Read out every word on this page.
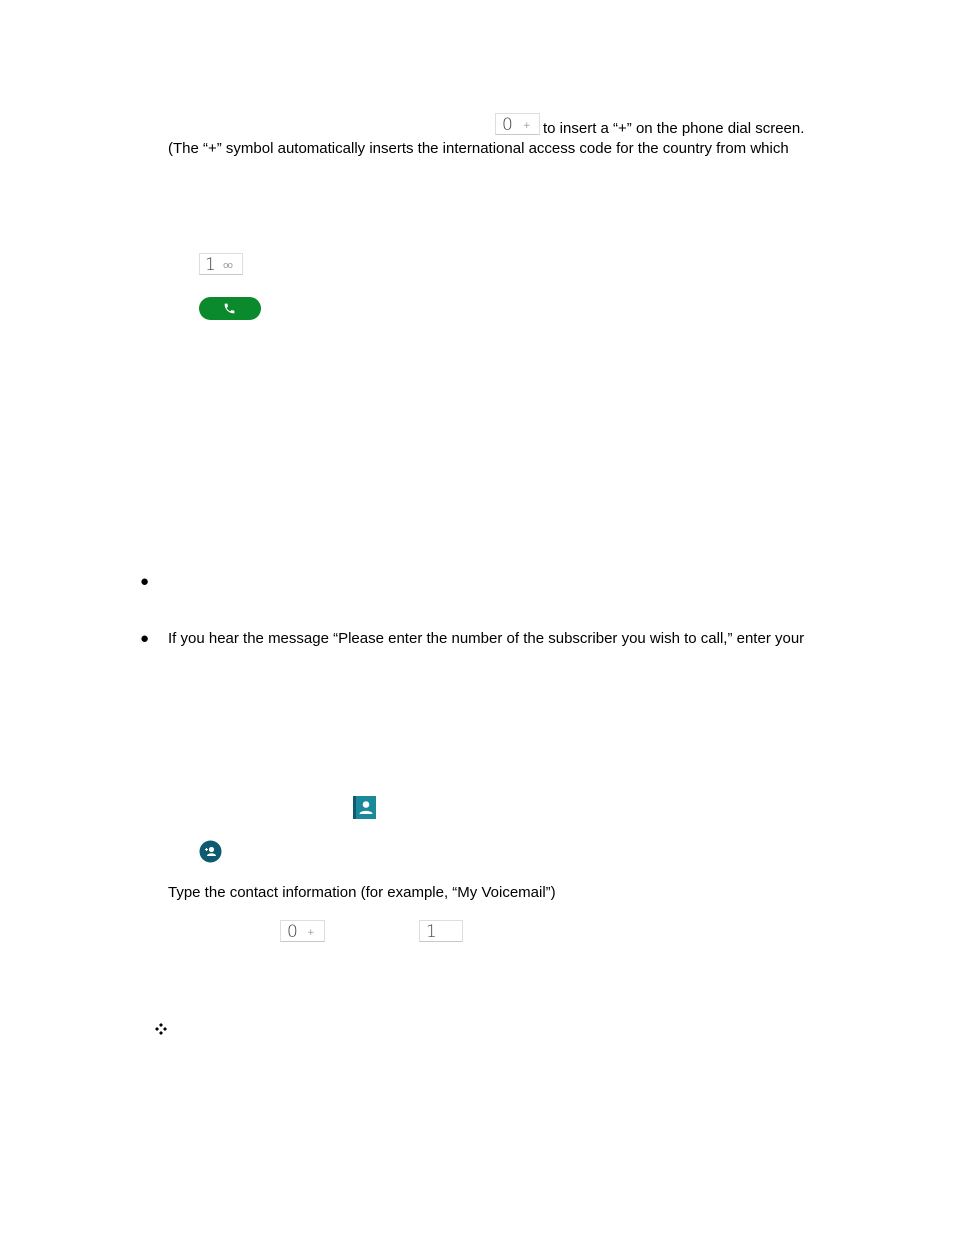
0 + to insert a “+” on the phone dial screen.
(The “+” symbol automatically inserts the international access code for the country from which
1 oo
●
● If you hear the message “Please enter the number of the subscriber you wish to call,” enter your
Type the contact information (for example, “My Voicemail”)
0 +	1
